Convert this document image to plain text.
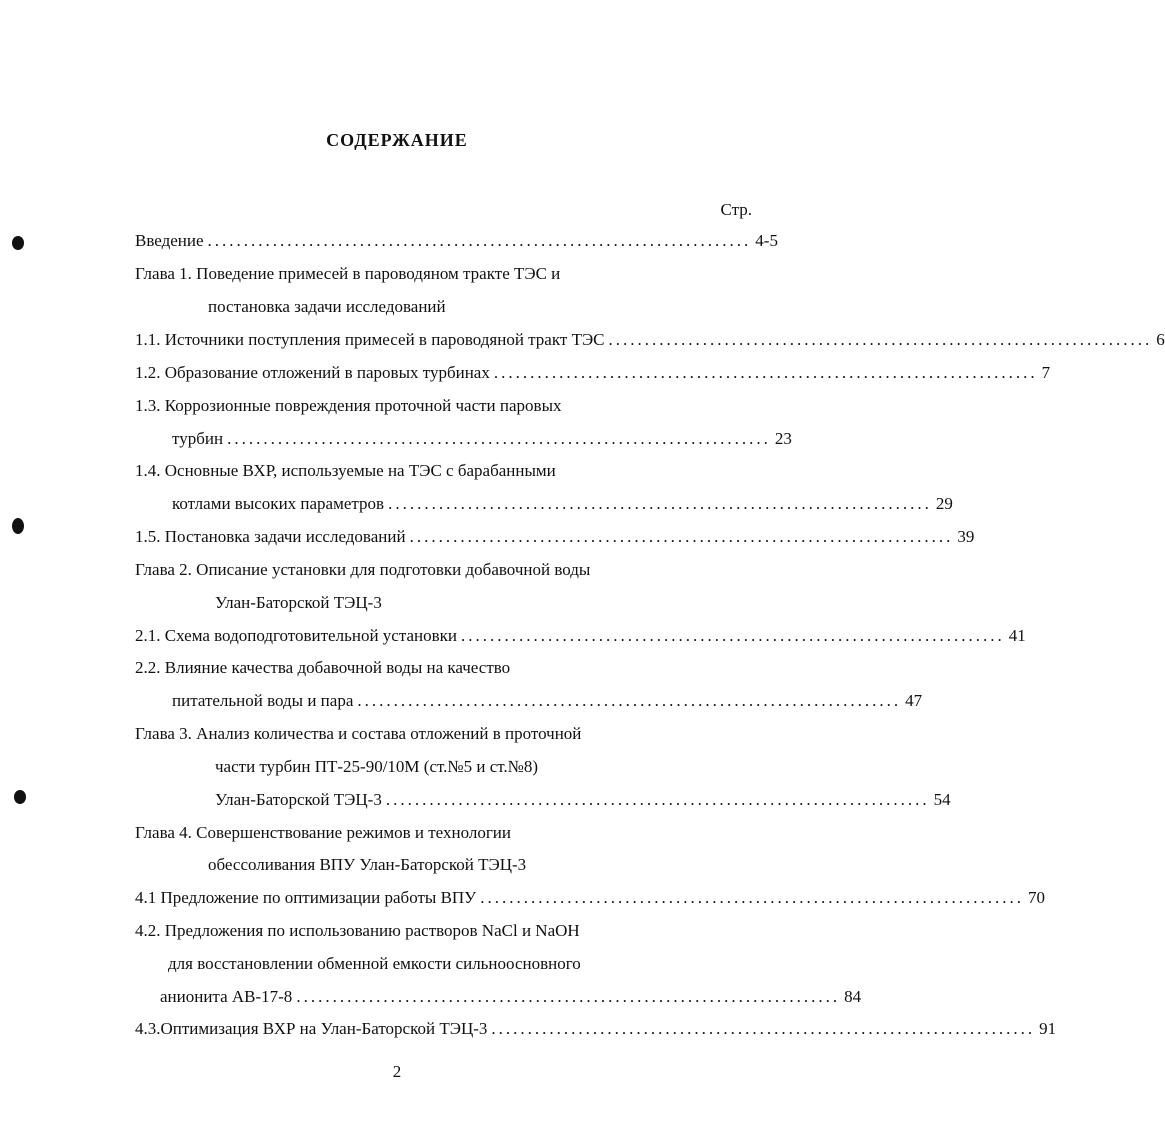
СОДЕРЖАНИЕ
Стр.
Введение ........................................................................... 4-5
Глава 1. Поведение примесей в пароводяном тракте ТЭС и
постановка задачи исследований
1.1. Источники поступления примесей в пароводяной тракт ТЭС ........................................................................... 6
1.2. Образование отложений в паровых турбинах ........................................................................... 7
1.3. Коррозионные повреждения проточной части паровых
турбин ........................................................................... 23
1.4. Основные ВХР, используемые на ТЭС с барабанными
котлами высоких параметров ........................................................................... 29
1.5. Постановка задачи исследований ........................................................................... 39
Глава 2. Описание установки для подготовки добавочной воды
Улан-Баторской ТЭЦ-3
2.1. Схема водоподготовительной установки ........................................................................... 41
2.2. Влияние качества добавочной воды на качество
питательной воды и пара ........................................................................... 47
Глава 3. Анализ количества и состава отложений в проточной
части турбин ПТ-25-90/10М (ст.№5 и ст.№8)
Улан-Баторской ТЭЦ-3 ........................................................................... 54
Глава 4. Совершенствование режимов и технологии
обессоливания ВПУ Улан-Баторской ТЭЦ-3
4.1 Предложение по оптимизации работы ВПУ ........................................................................... 70
4.2. Предложения по использованию растворов NaCl и NaOH
для восстановлении обменной емкости сильноосновного
анионита АВ-17-8 ........................................................................... 84
4.3.Оптимизация ВХР на Улан-Баторской ТЭЦ-3 ........................................................................... 91
2
